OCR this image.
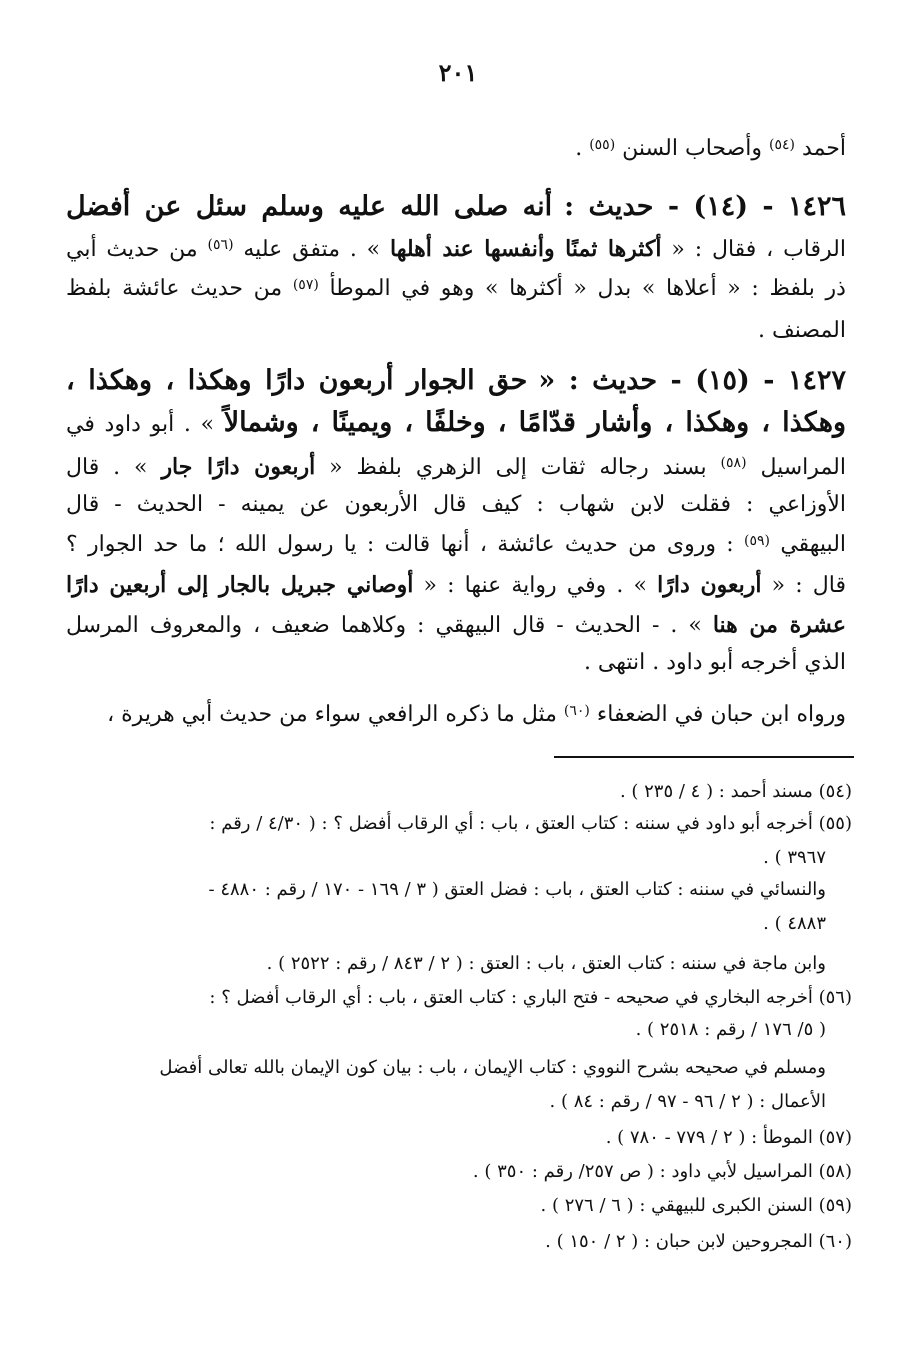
٢٠١
أحمد $^{(٥٤)}$ وأصحاب السنن $^{(٥٥)}$ .
١٤٢٦ - (١٤) - حديث : أنه صلى الله عليه وسلم سئل عن أفضل
الرقاب ، فقال : « أكثرها ثمنًا وأنفسها عند أهلها » . متفق عليه $^{(٥٦)}$ من حديث أبي
ذر بلفظ : « أعلاها » بدل « أكثرها » وهو في الموطأ $^{(٥٧)}$ من حديث عائشة بلفظ
المصنف .
١٤٢٧ - (١٥) - حديث : « حق الجوار أربعون دارًا وهكذا ، وهكذا ،
وهكذا ، وهكذا ، وأشار قدّامًا ، وخلفًا ، ويمينًا ، وشمالاً » . أبو داود في
المراسيل $^{(٥٨)}$ بسند رجاله ثقات إلى الزهري بلفظ « أربعون دارًا جار » . قال
الأوزاعي : فقلت لابن شهاب : كيف قال الأربعون عن يمينه - الحديث - قال
البيهقي $^{(٥٩)}$ : وروى من حديث عائشة ، أنها قالت : يا رسول الله ؛ ما حد الجوار ؟
قال : « أربعون دارًا » . وفي رواية عنها : « أوصاني جبريل بالجار إلى أربعين دارًا
عشرة من هنا » . - الحديث - قال البيهقي : وكلاهما ضعيف ، والمعروف المرسل
الذي أخرجه أبو داود . انتهى .
ورواه ابن حبان في الضعفاء $^{(٦٠)}$ مثل ما ذكره الرافعي سواء من حديث أبي هريرة ،
(٥٤) مسند أحمد : ( ٤ / ٢٣٥ ) .
(٥٥) أخرجه أبو داود في سننه : كتاب العتق ، باب : أي الرقاب أفضل ؟ : ( ٤/٣٠ / رقم :
٣٩٦٧ ) .
والنسائي في سننه : كتاب العتق ، باب : فضل العتق ( ٣ / ١٦٩ - ١٧٠ / رقم : ٤٨٨٠ -
٤٨٨٣ ) .
وابن ماجة في سننه : كتاب العتق ، باب : العتق : ( ٢ / ٨٤٣ / رقم : ٢٥٢٢ ) .
(٥٦) أخرجه البخاري في صحيحه - فتح الباري : كتاب العتق ، باب : أي الرقاب أفضل ؟ :
( ٥/ ١٧٦ / رقم : ٢٥١٨ ) .
ومسلم في صحيحه بشرح النووي : كتاب الإيمان ، باب : بيان كون الإيمان بالله تعالى أفضل
الأعمال : ( ٢ / ٩٦ - ٩٧ / رقم : ٨٤ ) .
(٥٧) الموطأ : ( ٢ / ٧٧٩ - ٧٨٠ ) .
(٥٨) المراسيل لأبي داود : ( ص ٢٥٧/ رقم : ٣٥٠ ) .
(٥٩) السنن الكبرى للبيهقي : ( ٦ / ٢٧٦ ) .
(٦٠) المجروحين لابن حبان : ( ٢ / ١٥٠ ) .
